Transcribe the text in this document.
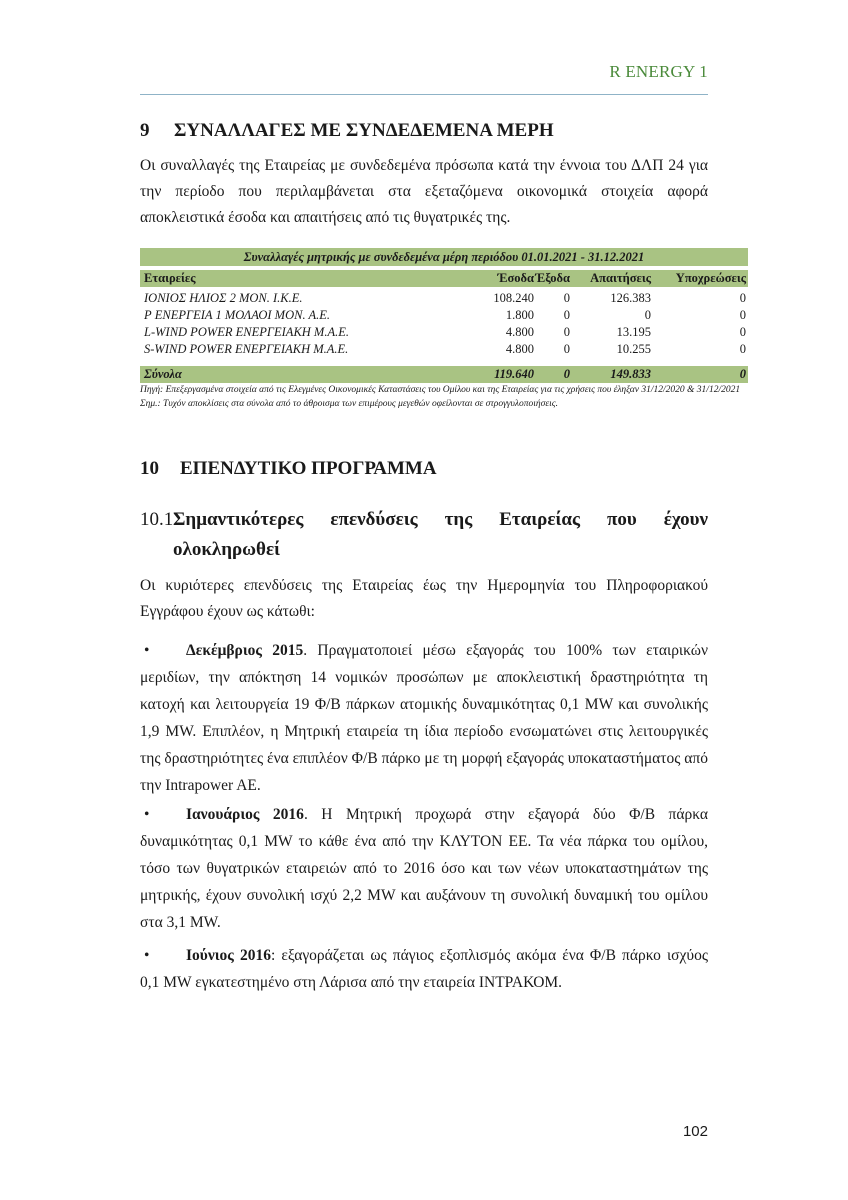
R ENERGY 1
9 ΣΥΝΑΛΛΑΓΕΣ ΜΕ ΣΥΝΔΕΔΕΜΕΝΑ ΜΕΡΗ

Οι συναλλαγές της Εταιρείας με συνδεδεμένα πρόσωπα κατά την έννοια του ΔΛΠ 24 για την περίοδο που περιλαμβάνεται στα εξεταζόμενα οικονομικά στοιχεία αφορά αποκλειστικά έσοδα και απαιτήσεις από τις θυγατρικές της.

Συναλλαγές μητρικής με συνδεδεμένα μέρη περιόδου 01.01.2021 - 31.12.2021
Εταιρείες	Έσοδα Έξοδα Απαιτήσεις Υποχρεώσεις
ΙΟΝΙΟΣ ΗΛΙΟΣ 2 ΜΟΝ. Ι.Κ.Ε.	108.240 0	126.383	0
Ρ ΕΝΕΡΓΕΙΑ 1 ΜΟΛΑΟΙ ΜΟΝ. Α.Ε.	1.800 0	0	0
L-WIND POWER ΕΝΕΡΓΕΙΑΚΗ Μ.Α.Ε.	4.800 0	13.195	0
S-WIND POWER ΕΝΕΡΓΕΙΑΚΗ Μ.Α.Ε.	4.800 0	10.255	0
Σύνολα	119.640 0	149.833	0

Πηγή: Επεξεργασμένα στοιχεία από τις Ελεγμένες Οικονομικές Καταστάσεις του Ομίλου και της Εταιρείας για τις χρήσεις που έληξαν 31/12/2020 & 31/12/2021

Σημ.: Τυχόν αποκλίσεις στα σύνολα από το άθροισμα των επιμέρους μεγεθών οφείλονται σε στρογγυλοποιήσεις.

10 ΕΠΕΝΔΥΤΙΚΟ ΠΡΟΓΡΑΜΜΑ
10.1 Σημαντικότερες επενδύσεις της Εταιρείας που έχουν
ολοκληρωθεί

Οι κυριότερες επενδύσεις της Εταιρείας έως την Ημερομηνία του Πληροφοριακού Εγγράφου έχουν ως κάτωθι:

• Δεκέμβριος 2015. Πραγματοποιεί μέσω εξαγοράς του 100% των εταιρικών μεριδίων, την απόκτηση 14 νομικών προσώπων με αποκλειστική δραστηριότητα τη κατοχή και λειτουργεία 19 Φ/Β πάρκων ατομικής δυναμικότητας 0,1 MW και συνολικής 1,9 MW. Επιπλέον, η Μητρική εταιρεία τη ίδια περίοδο ενσωματώνει στις λειτουργικές της δραστηριότητες ένα επιπλέον Φ/Β πάρκο με τη μορφή εξαγοράς υποκαταστήματος από την Intrapower AE.

• Ιανουάριος 2016. Η Μητρική προχωρά στην εξαγορά δύο Φ/Β πάρκα δυναμικότητας 0,1 MW το κάθε ένα από την ΚΛΥΤΟΝ ΕΕ. Τα νέα πάρκα του ομίλου, τόσο των θυγατρικών εταιρειών από το 2016 όσο και των νέων υποκαταστημάτων της μητρικής, έχουν συνολική ισχύ 2,2 MW και αυξάνουν τη συνολική δυναμική του ομίλου στα 3,1 MW.

• Ιούνιος 2016: εξαγοράζεται ως πάγιος εξοπλισμός ακόμα ένα Φ/Β πάρκο ισχύος 0,1 MW εγκατεστημένο στη Λάρισα από την εταιρεία ΙΝΤΡΑΚΟΜ.

102
